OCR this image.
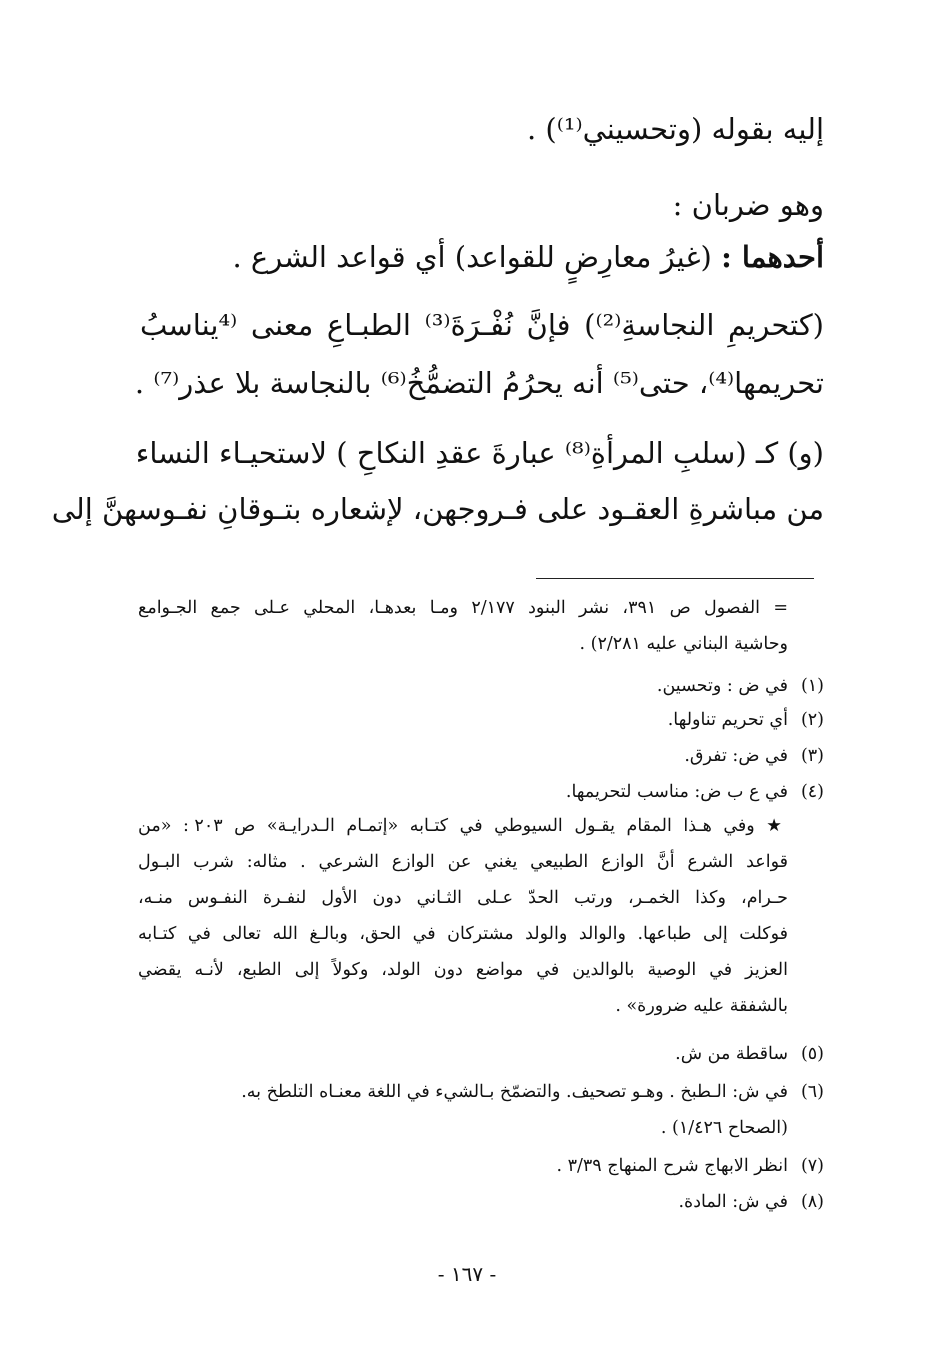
إليه بقوله (وتحسيني⁽¹⁾) .
وهو ضربان :
أحدهما : (غيرُ معارِضٍ للقواعد) أي قواعد الشرع .
(كتحريمِ النجاسةِ⁽²⁾) فإنَّ نُفْـرَةَ⁽³⁾ الطبـاعِ معنى ⁽⁴يناسبُ
تحريمها⁽⁴⁾، حتى⁽⁵⁾ أنه يحرُمُ التضمُّخُ⁽⁶⁾ بالنجاسة بلا عذر⁽⁷⁾ .
(و) كـ (سلبِ المرأةِ⁽⁸⁾ عبارةَ عقدِ النكاحِ ) لاستحيـاء النساء
من مباشرةِ العقـود على فـروجهن، لإشعاره بتـوقانِ نفـوسهنَّ إلى
= الفصول ص ٣٩١، نشر البنود ٢/١٧٧ ومـا بعدهـا، المحلي عـلى جمع الجـوامع
وحاشية البناني عليه ٢/٢٨١) .
(١)في ض : وتحسين.
(٢)أي تحريم تناولها.
(٣)في ض: تفرق.
(٤)في ع ب ض: مناسب لتحريمها.
★ وفي هـذا المقام يقـول السيوطي في كتـابه «إتمـام الـدرايـة» ص ٢٠٣ : «من
قواعد الشرع أنَّ الوازع الطبيعي يغني عن الوازع الشرعي . مثاله: شرب البـول
حـرام، وكذا الخمـر، ورتب الحدّ عـلى الثـاني دون الأول لنفـرة النفـوس منـه،
فوكلت إلى طباعها. والوالد والولد مشتركان في الحق، وبالـغ الله تعالى في كتـابه
العزيز في الوصية بالوالدين في مواضع دون الولد، وكولاً إلى الطبع، لأنـه يقضي
بالشفقة عليه ضرورة» .
(٥)ساقطة من ش.
(٦)في ش: الـطبخ . وهـو تصحيف. والتضمّخ بـالشيء في اللغة معنـاه التلطخ به.
(الصحاح ١/٤٢٦) .
(٧)انظر الابهاج شرح المنهاج ٣/٣٩ .
(٨)في ش: المادة.
- ١٦٧ -
